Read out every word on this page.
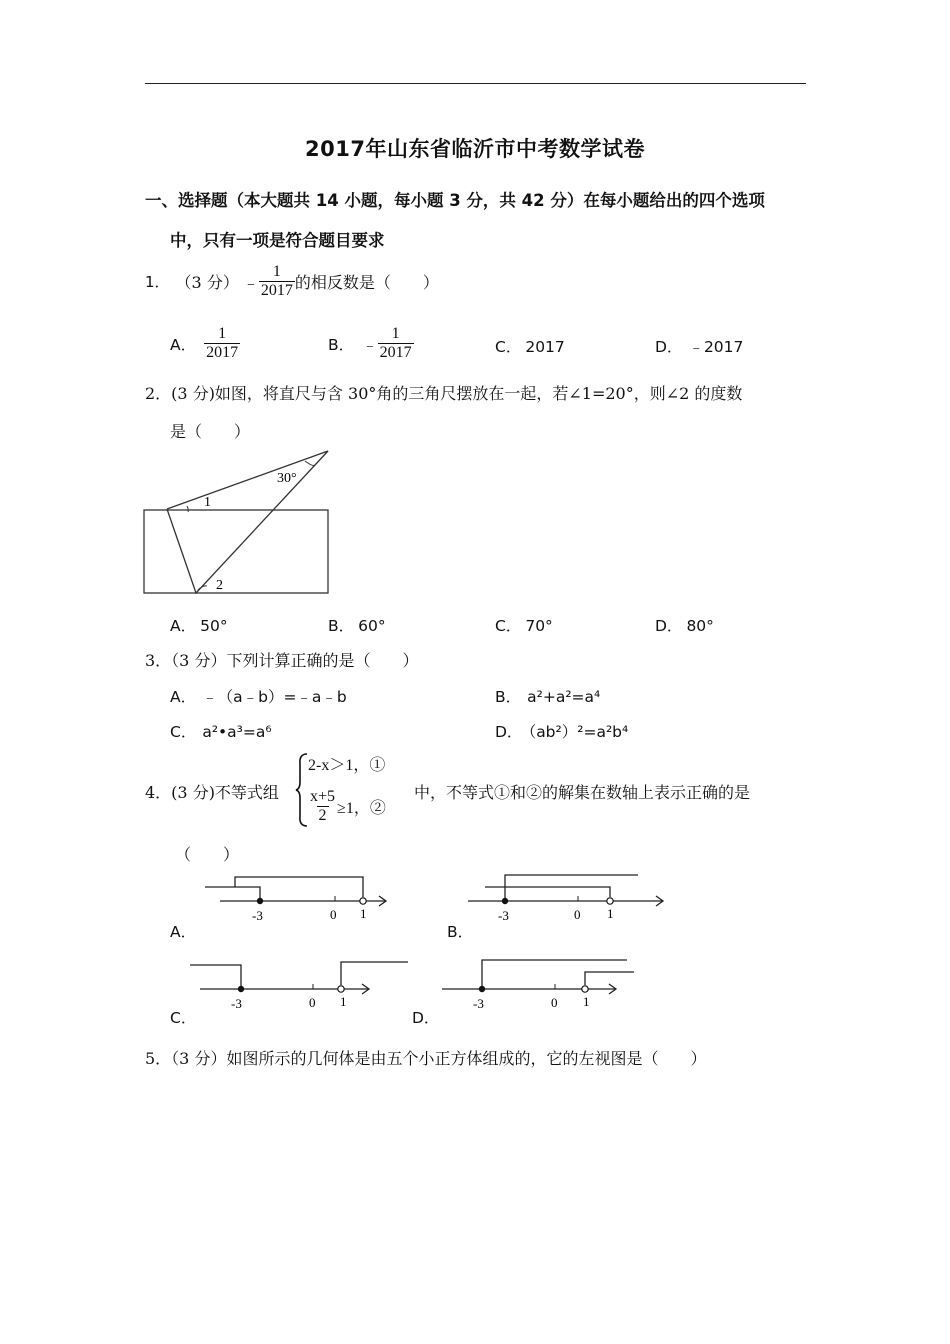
2017年山东省临沂市中考数学试卷
一、选择题（本大题共 14 小题，每小题 3 分，共 42 分）在每小题给出的四个选项
中，只有一项是符合题目要求
1． （3 分） ﹣ $\frac{1}{2017}$ 的相反数是（　　）
A． $\frac{1}{2017}$	B． ﹣ $\frac{1}{2017}$	C． 2017	D． ﹣2017
2．(3 分)如图，将直尺与含 30°角的三角尺摆放在一起，若∠1=20°，则∠2 的度数
是（　　）
30°
1
2
A． 50°	B． 60°	C． 70°	D． 80°
3．（3 分）下列计算正确的是（　　）
A． ﹣（a﹣b）=﹣a﹣b	B． a²+a²=a⁴
C． a²•a³=a⁶	D． （ab²）²=a²b⁴
4．(3 分)不等式组
2-x＞1，①
$\frac{x+5}{2} \ge 1$，②
中，不等式①和②的解集在数轴上表示正确的是
（　　）
-3	0 1
A．
-3	0 1
B．
-3	0 1
C．
-3	0 1
D．
5．（3 分）如图所示的几何体是由五个小正方体组成的，它的左视图是（　　）
